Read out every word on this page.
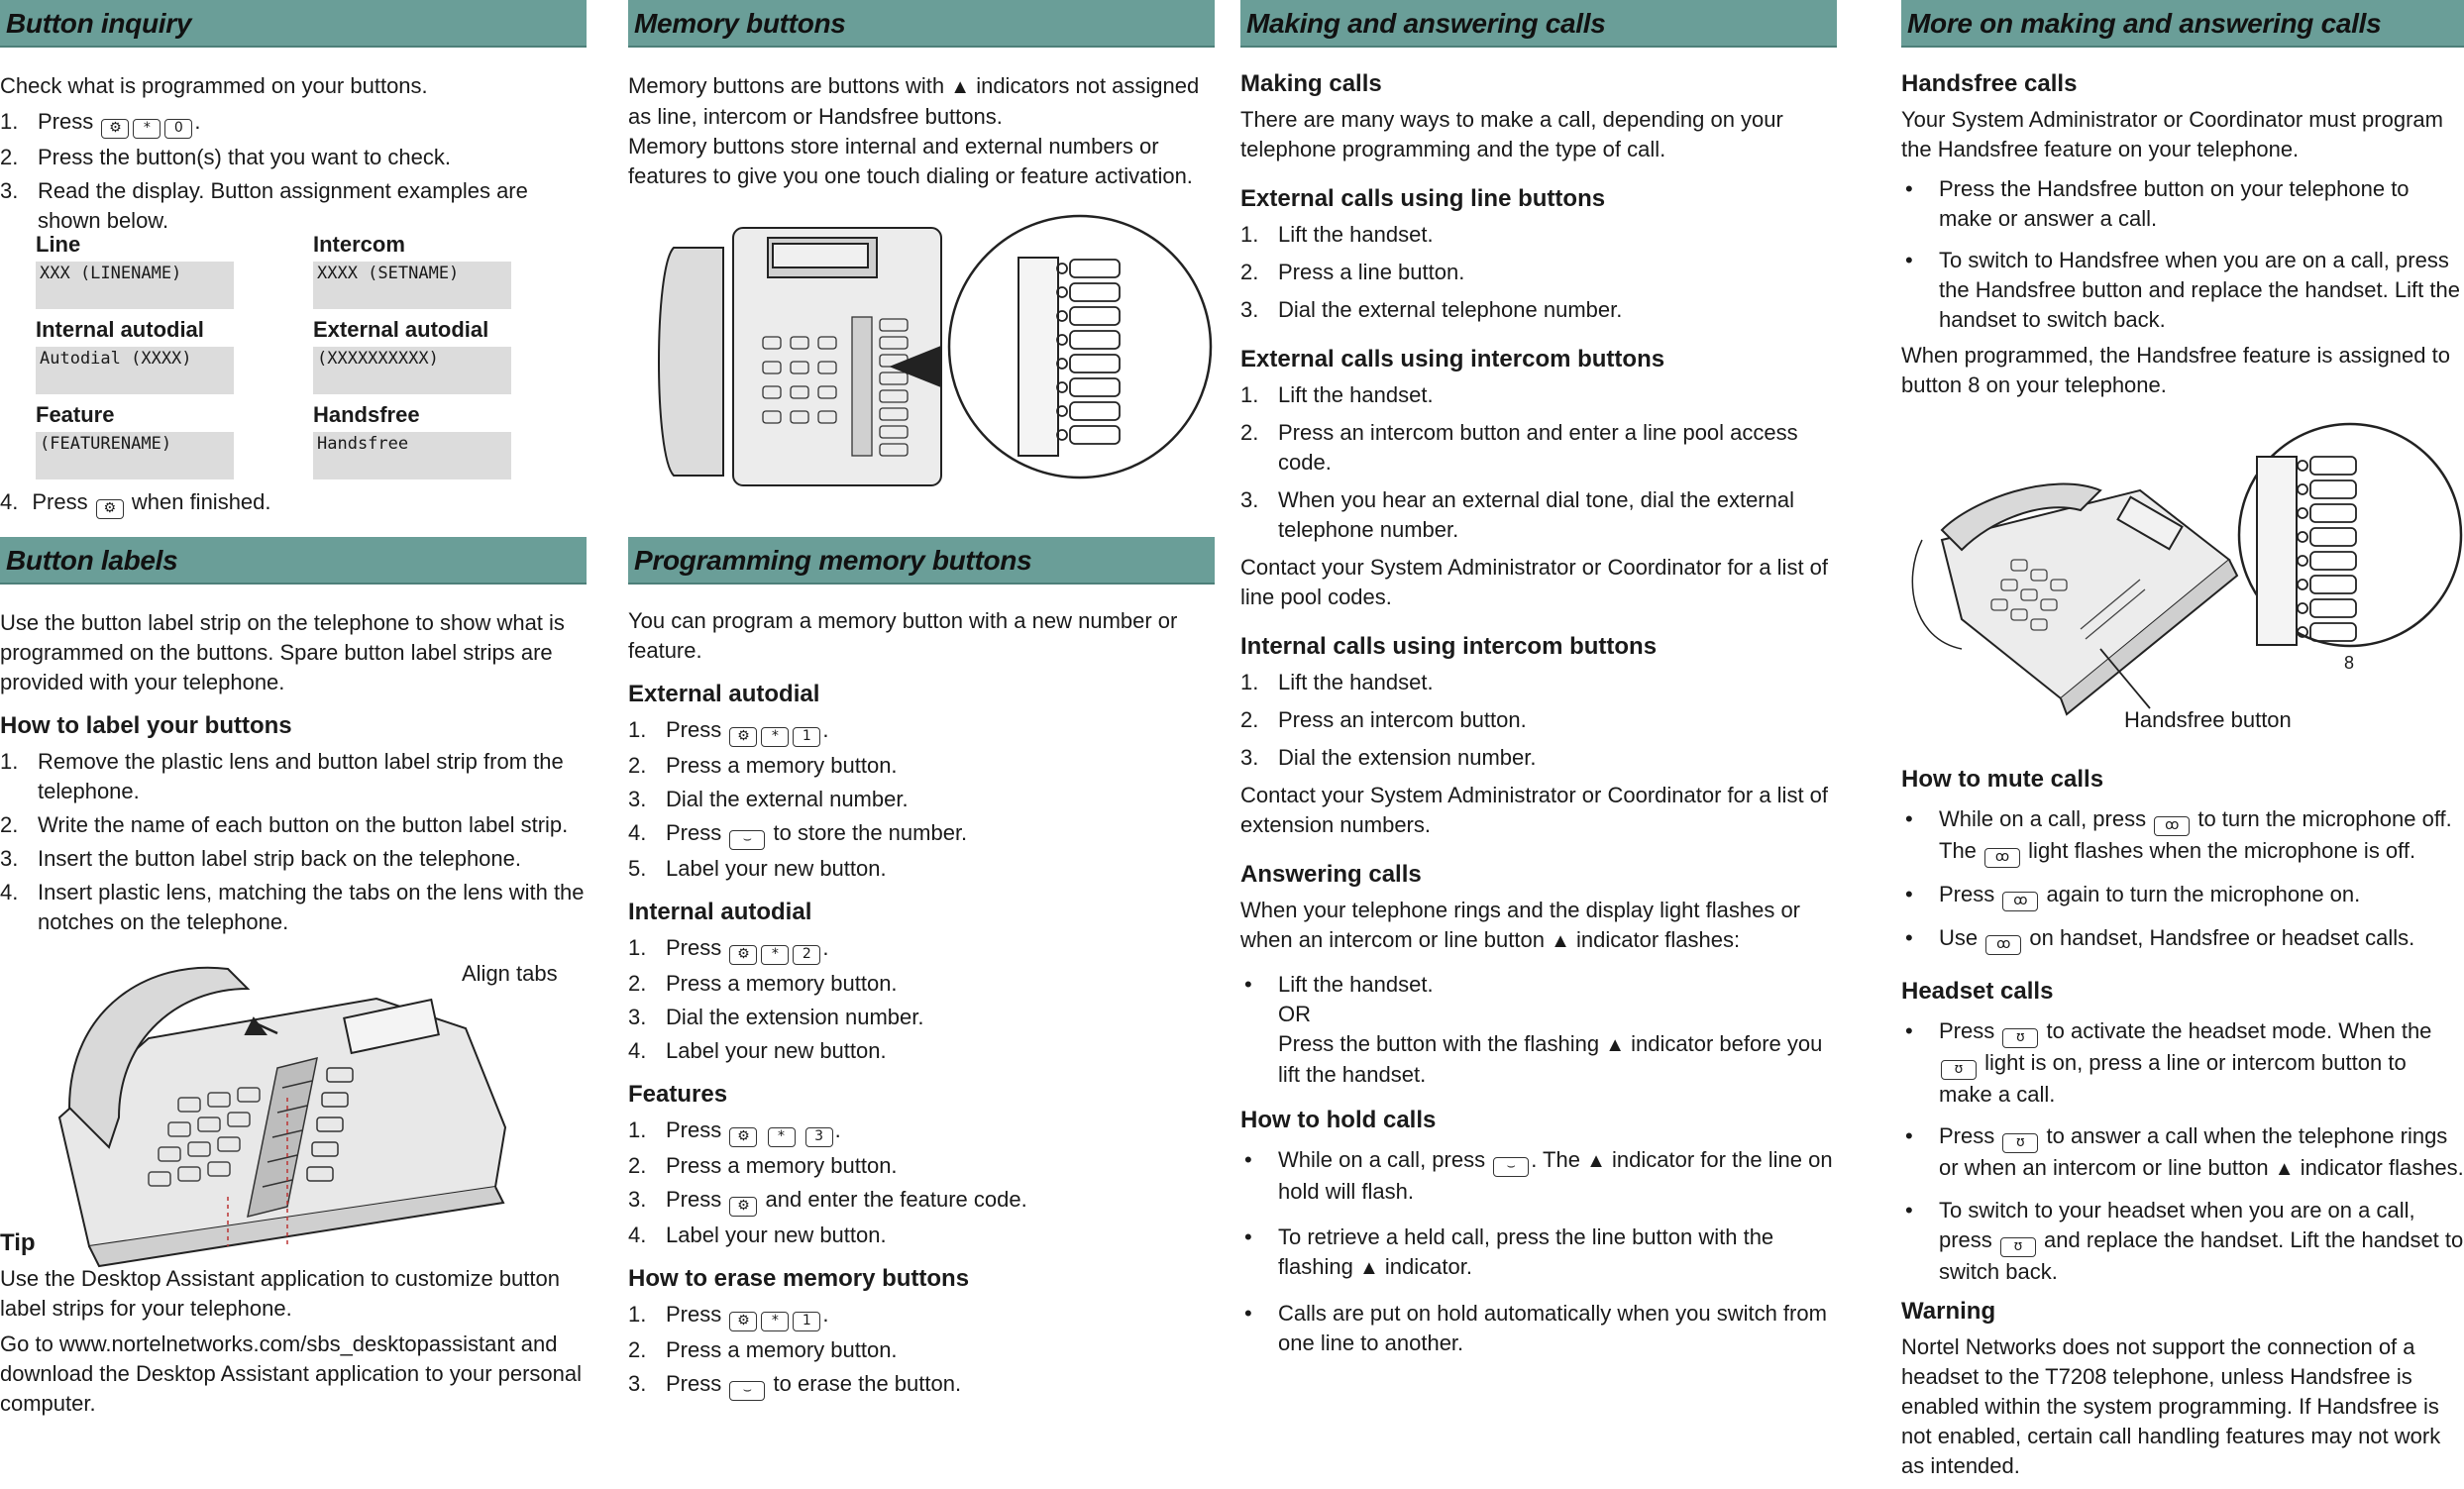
Button inquiry
Check what is programmed on your buttons.
1. Press ⚙ * 0 .
2. Press the button(s) that you want to check.
3. Read the display. Button assignment examples are shown below.
Line
XXX (LINENAME)
Intercom
XXXX (SETNAME)
Internal autodial
Autodial (XXXX)
External autodial
(XXXXXXXXXX)
Feature
(FEATURENAME)
Handsfree
Handsfree
4. Press ⚙ when finished.
Button labels
Use the button label strip on the telephone to show what is programmed on the buttons. Spare button label strips are provided with your telephone.
How to label your buttons
1. Remove the plastic lens and button label strip from the telephone.
2. Write the name of each button on the button label strip.
3. Insert the button label strip back on the telephone.
4. Insert plastic lens, matching the tabs on the lens with the notches on the telephone.
Align tabs
Tip
Use the Desktop Assistant application to customize button label strips for your telephone.
Go to www.nortelnetworks.com/sbs_desktopassistant and download the Desktop Assistant application to your personal computer.
Memory buttons
Memory buttons are buttons with ▲ indicators not assigned as line, intercom or Handsfree buttons.
Memory buttons store internal and external numbers or features to give you one touch dialing or feature activation.
Programming memory buttons
You can program a memory button with a new number or feature.
External autodial
1. Press ⚙ * 1 .
2. Press a memory button.
3. Dial the external number.
4. Press ⌣ to store the number.
5. Label your new button.
Internal autodial
1. Press ⚙ * 2 .
2. Press a memory button.
3. Dial the extension number.
4. Label your new button.
Features
1. Press ⚙ * 3 .
2. Press a memory button.
3. Press ⚙ and enter the feature code.
4. Label your new button.
How to erase memory buttons
1. Press ⚙ * 1 .
2. Press a memory button.
3. Press ⌣ to erase the button.
Making and answering calls
Making calls
There are many ways to make a call, depending on your telephone programming and the type of call.
External calls using line buttons
1. Lift the handset.
2. Press a line button.
3. Dial the external telephone number.
External calls using intercom buttons
1. Lift the handset.
2. Press an intercom button and enter a line pool access code.
3. When you hear an external dial tone, dial the external telephone number.
Contact your System Administrator or Coordinator for a list of line pool codes.
Internal calls using intercom buttons
1. Lift the handset.
2. Press an intercom button.
3. Dial the extension number.
Contact your System Administrator or Coordinator for a list of extension numbers.
Answering calls
When your telephone rings and the display light flashes or when an intercom or line button ▲ indicator flashes:
• Lift the handset.
OR
Press the button with the flashing ▲ indicator before you lift the handset.
How to hold calls
• While on a call, press ⌣ . The ▲ indicator for the line on hold will flash.
• To retrieve a held call, press the line button with the flashing ▲ indicator.
• Calls are put on hold automatically when you switch from one line to another.
More on making and answering calls
Handsfree calls
Your System Administrator or Coordinator must program the Handsfree feature on your telephone.
• Press the Handsfree button on your telephone to make or answer a call.
• To switch to Handsfree when you are on a call, press the Handsfree button and replace the handset. Lift the handset to switch back.
When programmed, the Handsfree feature is assigned to button 8 on your telephone.
8
Handsfree button
How to mute calls
• While on a call, press ꝏ to turn the microphone off. The ꝏ light flashes when the microphone is off.
• Press ꝏ again to turn the microphone on.
• Use ꝏ on handset, Handsfree or headset calls.
Headset calls
• Press ʊ to activate the headset mode. When the ʊ light is on, press a line or intercom button to make a call.
• Press ʊ to answer a call when the telephone rings or when an intercom or line button ▲ indicator flashes.
• To switch to your headset when you are on a call, press ʊ and replace the handset. Lift the handset to switch back.
Warning
Nortel Networks does not support the connection of a headset to the T7208 telephone, unless Handsfree is enabled within the system programming. If Handsfree is not enabled, certain call handling features may not work as intended.
